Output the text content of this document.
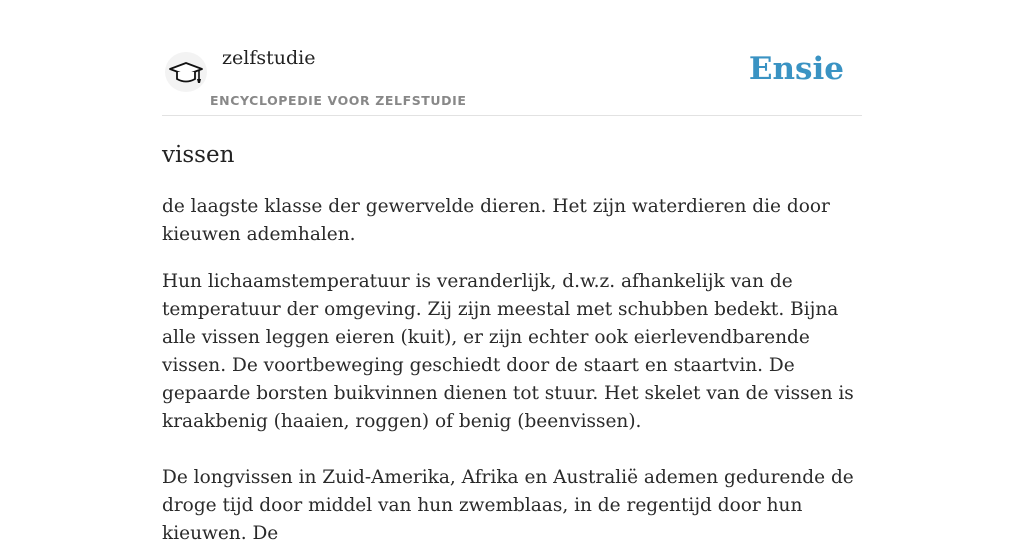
zelfstudie
ENCYCLOPEDIE VOOR ZELFSTUDIE
Ensie
vissen

de laagste klasse der gewervelde dieren. Het zijn waterdieren die door kieuwen ademhalen.

Hun lichaamstemperatuur is veranderlijk, d.w.z. afhankelijk van de temperatuur der omgeving. Zij zijn meestal met schubben bedekt. Bijna alle vissen leggen eieren (kuit), er zijn echter ook eierlevendbarende vissen. De voortbeweging geschiedt door de staart en staartvin. De gepaarde borsten buikvinnen dienen tot stuur. Het skelet van de vissen is kraakbenig (haaien, roggen) of benig (beenvissen).

De longvissen in Zuid-Amerika, Afrika en Australië ademen gedurende de droge tijd door middel van hun zwemblaas, in de regentijd door hun kieuwen. De
